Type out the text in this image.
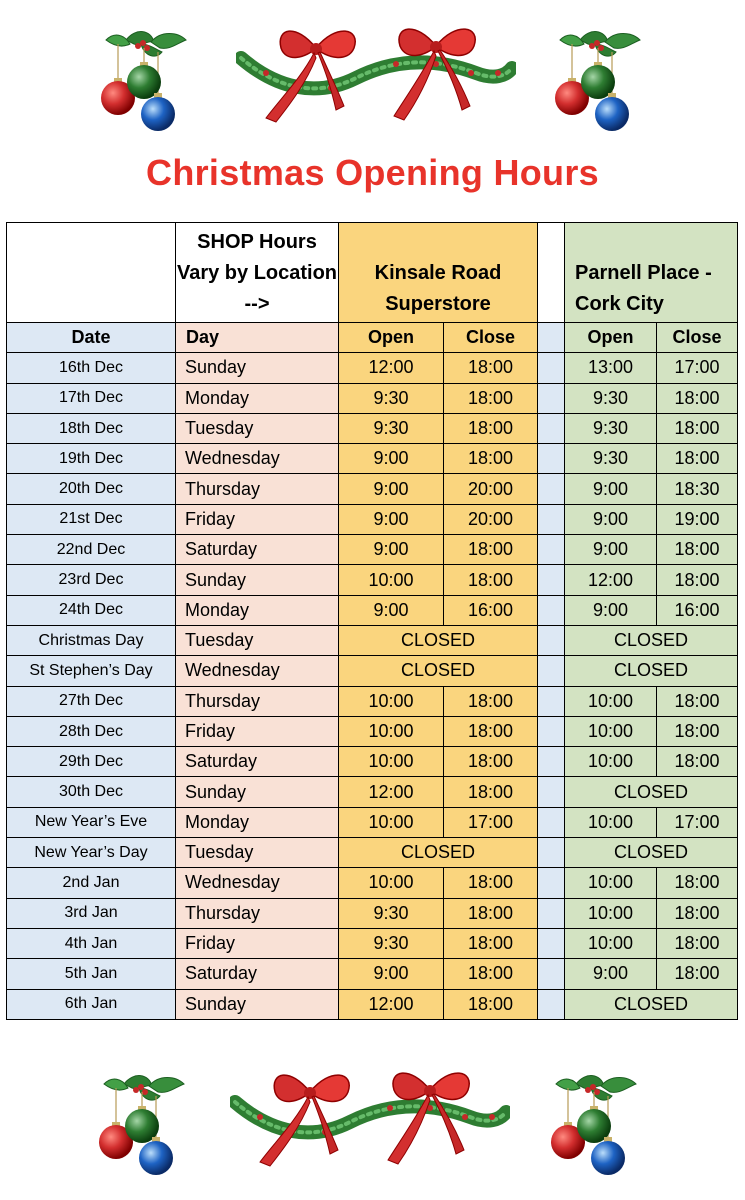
Christmas Opening Hours
	SHOP Hours Vary by Location -->	Kinsale Road Superstore			Parnell Place - Cork City	
Date	Day	Open	Close		Open	Close
16th Dec	Sunday	12:00	18:00		13:00	17:00
17th Dec	Monday	9:30	18:00		9:30	18:00
18th Dec	Tuesday	9:30	18:00		9:30	18:00
19th Dec	Wednesday	9:00	18:00		9:30	18:00
20th Dec	Thursday	9:00	20:00		9:00	18:30
21st Dec	Friday	9:00	20:00		9:00	19:00
22nd Dec	Saturday	9:00	18:00		9:00	18:00
23rd Dec	Sunday	10:00	18:00		12:00	18:00
24th Dec	Monday	9:00	16:00		9:00	16:00
Christmas Day	Tuesday	CLOSED			CLOSED	
St Stephen’s Day	Wednesday	CLOSED			CLOSED	
27th Dec	Thursday	10:00	18:00		10:00	18:00
28th Dec	Friday	10:00	18:00		10:00	18:00
29th Dec	Saturday	10:00	18:00		10:00	18:00
30th Dec	Sunday	12:00	18:00		CLOSED	
New Year’s Eve	Monday	10:00	17:00		10:00	17:00
New Year’s Day	Tuesday	CLOSED			CLOSED	
2nd Jan	Wednesday	10:00	18:00		10:00	18:00
3rd Jan	Thursday	9:30	18:00		10:00	18:00
4th Jan	Friday	9:30	18:00		10:00	18:00
5th Jan	Saturday	9:00	18:00		9:00	18:00
6th Jan	Sunday	12:00	18:00		CLOSED	
